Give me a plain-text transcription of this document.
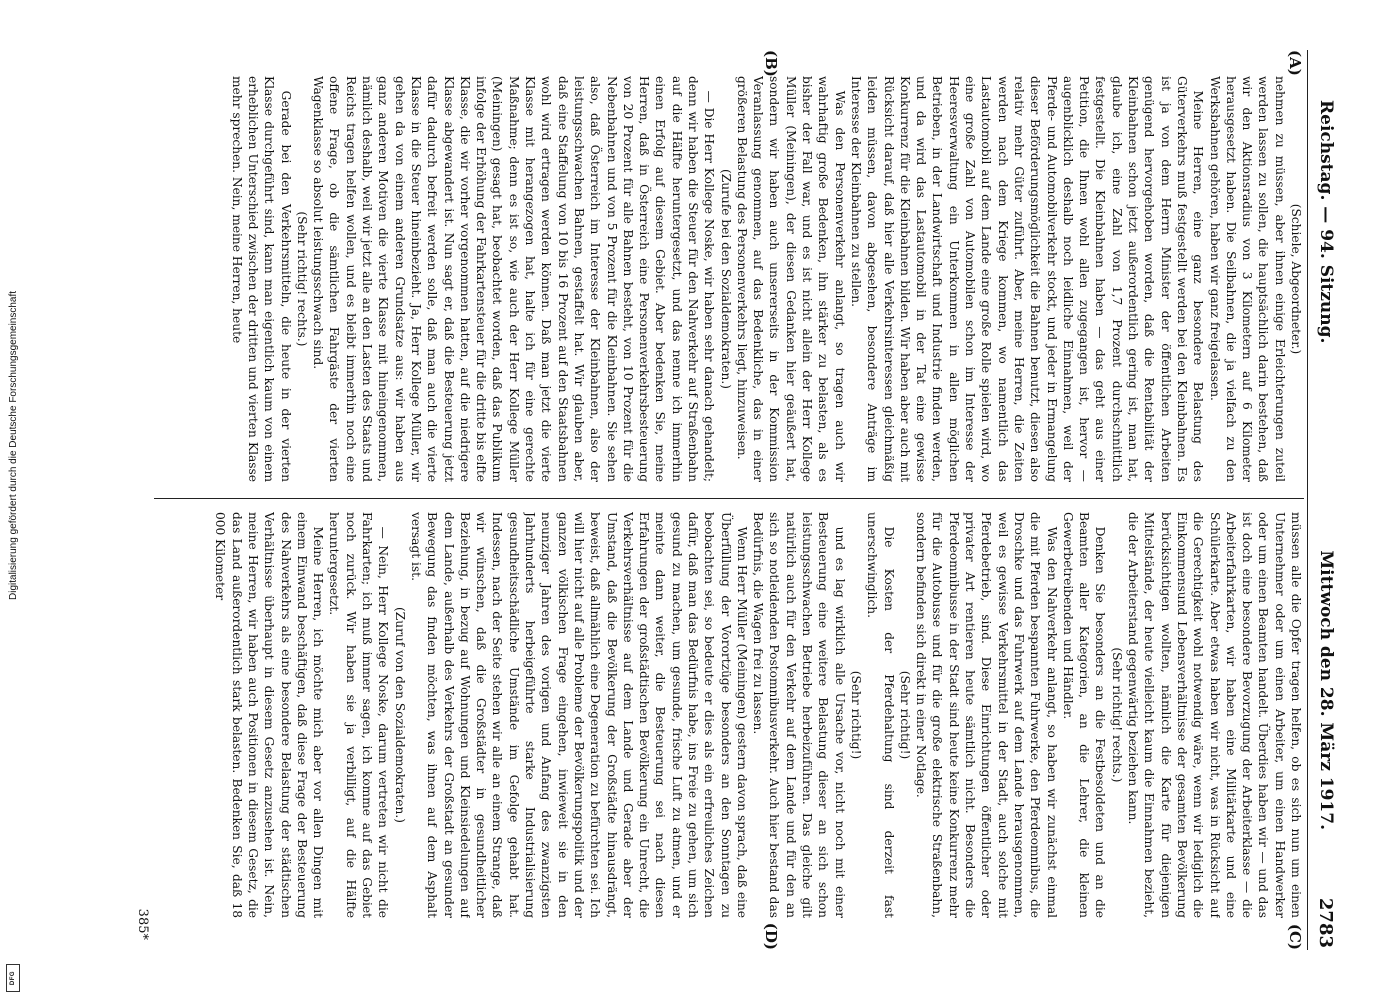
Reichstag. — 94. Sitzung.
Mittwoch den 28. März 1917.
2783
(A)
(C)
(B)
(D)

(Schiele, Abgeordneter.)

nehmen zu müssen, aber ihnen einige Erleichterungen zuteil werden lassen zu sollen, die hauptsächlich darin bestehen, daß wir den Aktionsradius von 3 Kilometern auf 6 Kilometer herausgesetzt haben. Die Seilbahnen, die ja vielfach zu den Werksbahnen gehören, haben wir ganz freigelassen.

Meine Herren, eine ganz besondere Belastung des Güterverkehrs muß festgestellt werden bei den Kleinbahnen. Es ist ja von dem Herrn Minister der öffentlichen Arbeiten genügend hervorgehoben worden, daß die Rentabilität der Kleinbahnen schon jetzt außerordentlich gering ist, man hat, glaube ich, eine Zahl von 1,7 Prozent durchschnittlich festgestellt. Die Kleinbahnen haben — das geht aus einer Petition, die Ihnen wohl allen zugegangen ist, hervor — augenblicklich deshalb noch leidliche Einnahmen, weil der Pferde- und Automobilverkehr stockt, und jeder in Ermangelung dieser Beförderungsmöglichkeit die Bahnen benutzt, diesen also relativ mehr Güter zuführt. Aber, meine Herren, die Zeiten werden nach dem Kriege kommen, wo namentlich das Lastautomobil auf dem Lande eine große Rolle spielen wird, wo eine große Zahl von Automobilen schon im Interesse der Heeresverwaltung ein Unterkommen in allen möglichen Betrieben, in der Landwirtschaft und Industrie finden werden, und da wird das Lastautomobil in der Tat eine gewisse Konkurrenz für die Kleinbahnen bilden. Wir haben aber auch mit Rücksicht darauf, daß hier alle Verkehrsinteressen gleichmäßig leiden müssen, davon abgesehen, besondere Anträge im Interesse der Kleinbahnen zu stellen.

Was den Personenverkehr anlangt, so tragen auch wir wahrhaftig große Bedenken, ihn stärker zu belasten, als es bisher der Fall war, und es ist nicht allein der Herr Kollege Müller (Meiningen), der diesen Gedanken hier geäußert hat, sondern wir haben auch unsererseits in der Kommission Veranlassung genommen, auf das Bedenkliche, das in einer größeren Belastung des Personenverkehrs liegt, hinzuweisen.

(Zurufe bei den Sozialdemokraten.)

— Die Herr Kollege Noske, wir haben sehr danach gehandelt; denn wir haben die Steuer für den Nahverkehr auf Straßenbahn auf die Hälfte heruntergesetzt, und das nenne ich immerhin einen Erfolg auf diesem Gebiet. Aber bedenken Sie, meine Herren, daß in Österreich eine Personenverkehrsbesteuerung von 20 Prozent für alle Bahnen besteht, von 10 Prozent für die Nebenbahnen und von 5 Prozent für die Kleinbahnen. Sie sehen also, daß Österreich im Interesse der Kleinbahnen, also der leistungsschwachen Bahnen, gestaffelt hat. Wir glauben aber, daß eine Staffelung von 10 bis 16 Prozent auf den Staatsbahnen wohl wird ertragen werden können. Daß man jetzt die vierte Klasse mit herangezogen hat, halte ich für eine gerechte Maßnahme; denn es ist so, wie auch der Herr Kollege Müller (Meiningen) gesagt hat, beobachtet worden, daß das Publikum infolge der Erhöhung der Fahrkartensteuer für die dritte bis elfte Klasse, die wir vorher vorgenommen hatten, auf die niedrigere Klasse abgewandert ist. Nun sagt er, daß die Besteuerung jetzt dafür dadurch befreit werden solle, daß man auch die vierte Klasse in die Steuer hineinbezieht. Ja, Herr Kollege Müller, wir gehen da von einem anderen Grundsatze aus: wir haben aus ganz anderen Motiven die vierte Klasse mit hineingenommen, nämlich deshalb, weil wir jetzt alle an den Lasten des Staats und Reichs tragen helfen wollen, und es bleibt immerhin noch eine offene Frage, ob die sämtlichen Fahrgäste der vierten Wagenklasse so absolut leistungsschwach sind.

(Sehr richtig! rechts.)

Gerade bei den Verkehrsmitteln, die heute in der vierten Klasse durchgeführt sind, kann man eigentlich kaum von einem erheblichen Unterschied zwischen der dritten und vierten Klasse mehr sprechen. Nein, meine Herren, heute

müssen alle die Opfer tragen helfen, ob es sich nun um einen Unternehmer oder um einen Arbeiter, um einen Handwerker oder um einen Beamten handelt. Überdies haben wir — und das ist doch eine besondere Bevorzugung der Arbeiterklasse — die Arbeiterfahrkarten, wir haben eine Militärkarte und eine Schülerkarte. Aber etwas haben wir nicht, was in Rücksicht auf die Gerechtigkeit wohl notwendig wäre, wenn wir lediglich die Einkommensund Lebensverhältnisse der gesamten Bevölkerung berücksichtigen wollten, nämlich die Karte für diejenigen Mittelstände, der heute vielleicht kaum die Einnahmen bezieht, die der Arbeiterstand gegenwärtig beziehen kann.

(Sehr richtig! rechts.)

Denken Sie besonders an die Festbesoldeten und an die Beamten aller Kategorien, an die Lehrer, die kleinen Gewerbetreibenden und Händler.

Was den Nahverkehr anlangt, so haben wir zunächst einmal die mit Pferden bespannten Fuhrwerke, den Pferdeomnibus, die Droschke und das Fuhrwerk auf dem Lande herausgenommen, weil es gewisse Verkehrsmittel in der Stadt, auch solche mit Pferdebetrieb, sind. Diese Einrichtungen öffentlicher oder privater Art rentieren heute sämtlich nicht. Besonders die Pferdeomnibusse in der Stadt sind heute keine Konkurrenz mehr für die Autobusse und für die große elektrische Straßenbahn, sondern befinden sich direkt in einer Notlage.

(Sehr richtig!)

Die Kosten der Pferdehaltung sind derzeit fast unerschwinglich.

(Sehr richtig!)

und es lag wirklich alle Ursache vor, nicht noch mit einer Besteuerung eine weitere Belastung dieser an sich schon leistungsschwachen Betriebe herbeizuführen. Das gleiche gilt natürlich auch für den Verkehr auf dem Lande und für den an sich so notleidenden Postomnibusverkehr. Auch hier bestand das Bedürfnis, die Wagen frei zu lassen.

Wenn Herr Müller (Meiningen) gestern davon sprach, daß eine Überfüllung der Vorortzüge besonders an den Sonntagen zu beobachten sei, so bedeute er dies als ein erfreuliches Zeichen dafür, daß man das Bedürfnis habe, ins Freie zu gehen, um sich gesund zu machen, um gesunde, frische Luft zu atmen, und er meinte dann weiter, die Besteuerung sei nach diesen Erfahrungen der großstädtischen Bevölkerung ein Unrecht, die Verkehrsverhältnisse auf dem Lande und Gerade aber der Umstand, daß die Bevölkerung der Großstädte hinausdrängt, beweist, daß allmählich eine Degeneration zu befürchten sei. Ich will hier nicht auf alle Probleme der Bevölkerungspolitik und der ganzen völkischen Frage eingehen, inwieweit sie in den neunziger Jahren des vorigen und Anfang des zwanzigsten Jahrhunderts herbeigeführte starke Industrialisierung gesundheitsschädliche Umstände im Gefolge gehabt hat. Indessen, nach der Seite stehen wir alle an einem Strange, daß wir wünschen, daß die Großstädter in gesundheitlicher Beziehung, in bezug auf Wohnungen und Kleinsiedelungen auf dem Lande, außerhalb des Verkehrs der Großstadt an gesunder Bewegung das finden möchten, was ihnen auf dem Asphalt versagt ist.

(Zuruf von den Sozialdemokraten.)

— Nein, Herr Kollege Noske, darum vertreten wir nicht die Fahrkarten; ich muß immer sagen, ich komme auf das Gebiet noch zurück. Wir haben sie ja verbilligt, auf die Hälfte heruntergesetzt.

Meine Herren, ich möchte mich aber vor allen Dingen mit einem Einwand beschäftigen, daß diese Frage der Besteuerung des Nahverkehrs als eine besondere Belastung der städtischen Verhältnisse überhaupt in diesem Gesetz anzusehen ist. Nein, meine Herren, wir haben auch Positionen in diesem Gesetz, die das Land außerordentlich stark belasten. Bedenken Sie, daß 18 000 Kilometer

385*
Digitalisierung gefördert durch die Deutsche Forschungsgemeinschaft
DFG
